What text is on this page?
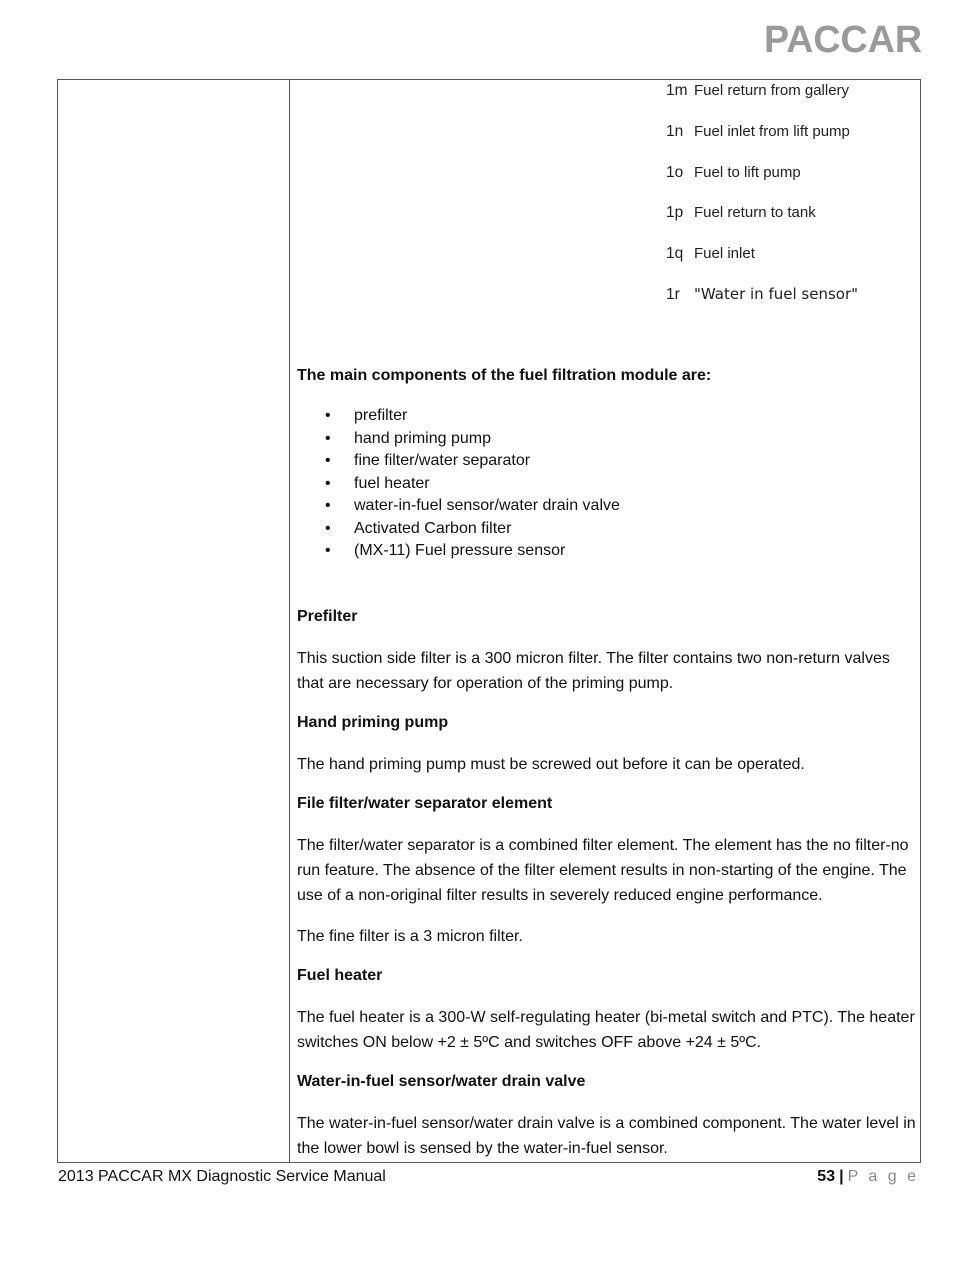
PACCAR
1m Fuel return from gallery
1n Fuel inlet from lift pump
1o Fuel to lift pump
1p Fuel return to tank
1q Fuel inlet
1r "Water in fuel sensor"
The main components of the fuel filtration module are:
• prefilter
• hand priming pump
• fine filter/water separator
• fuel heater
• water-in-fuel sensor/water drain valve
• Activated Carbon filter
• (MX-11) Fuel pressure sensor
Prefilter
This suction side filter is a 300 micron filter. The filter contains two non-return valves that are necessary for operation of the priming pump.
Hand priming pump
The hand priming pump must be screwed out before it can be operated.
File filter/water separator element
The filter/water separator is a combined filter element. The element has the no filter-no run feature. The absence of the filter element results in non-starting of the engine. The use of a non-original filter results in severely reduced engine performance.
The fine filter is a 3 micron filter.
Fuel heater
The fuel heater is a 300-W self-regulating heater (bi-metal switch and PTC). The heater switches ON below +2 ± 5ºC and switches OFF above +24 ± 5ºC.
Water-in-fuel sensor/water drain valve
The water-in-fuel sensor/water drain valve is a combined component. The water level in the lower bowl is sensed by the water-in-fuel sensor.
2013 PACCAR MX Diagnostic Service Manual	53 | P a g e
